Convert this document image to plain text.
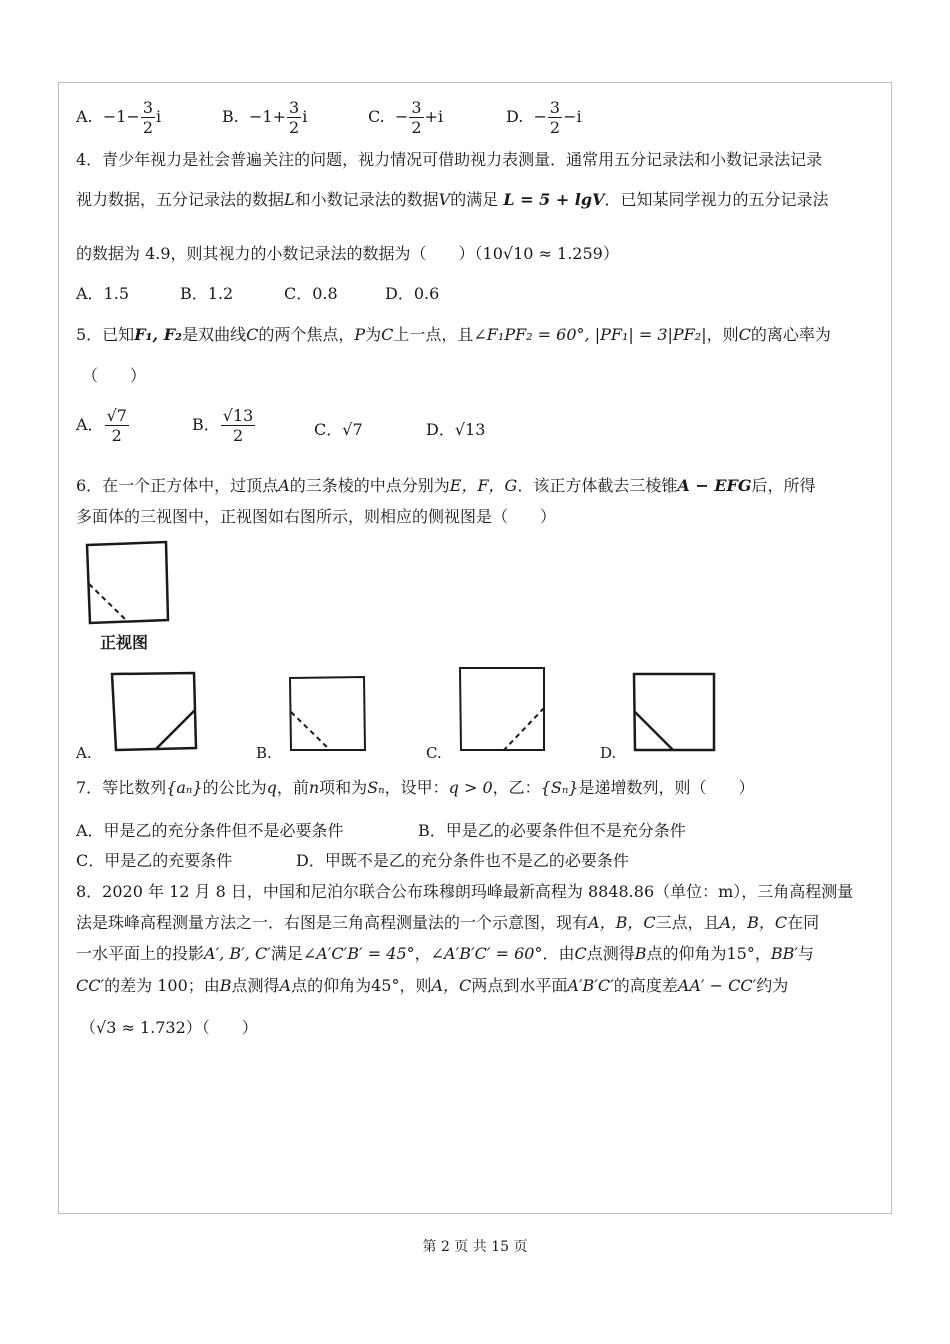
A. $-1- \frac{3}{2}$ i	B. $-1+ \frac{3}{2}$ i	C. − $\frac{3}{2} +i$	D. − $\frac{3}{2} -i$
4．青少年视力是社会普遍关注的问题，视力情况可借助视力表测量．通常用五分记录法和小数记录法记录
视力数据，五分记录法的数据L和小数记录法的数据V的满足 L = 5 + lgV．已知某同学视力的五分记录法
的数据为 4.9，则其视力的小数记录法的数据为（　　）（10√10 ≈ 1.259）
A．1.5	B．1.2	C．0.8	D．0.6
5．已知F₁, F₂是双曲线C的两个焦点，P为C上一点，且∠F₁PF₂ = 60°, |PF₁| = 3|PF₂|，则C的离心率为
（　　）
A． $\frac{√7}{2}$	B． $\frac{√13}{2}$	C．√7	D．√13
6．在一个正方体中，过顶点A的三条棱的中点分别为E，F，G．该正方体截去三棱锥A − EFG后，所得
多面体的三视图中，正视图如右图所示，则相应的侧视图是（　　）
正视图
A.	B.	C.	D.
7．等比数列{aₙ}的公比为q，前n项和为Sₙ，设甲：q > 0，乙：{Sₙ}是递增数列，则（　　）
A．甲是乙的充分条件但不是必要条件	B．甲是乙的必要条件但不是充分条件
C．甲是乙的充要条件	D．甲既不是乙的充分条件也不是乙的必要条件
8．2020 年 12 月 8 日，中国和尼泊尔联合公布珠穆朗玛峰最新高程为 8848.86（单位：m），三角高程测量
法是珠峰高程测量方法之一．右图是三角高程测量法的一个示意图，现有A，B，C三点，且A，B，C在同
一水平面上的投影A′, B′, C′满足∠A′C′B′ = 45°，∠A′B′C′ = 60°．由C点测得B点的仰角为15°，BB′与
CC′的差为 100；由B点测得A点的仰角为45°，则A，C两点到水平面A′B′C′的高度差AA′ − CC′约为
（√3 ≈ 1.732）（　　）
第 2 页 共 15 页
